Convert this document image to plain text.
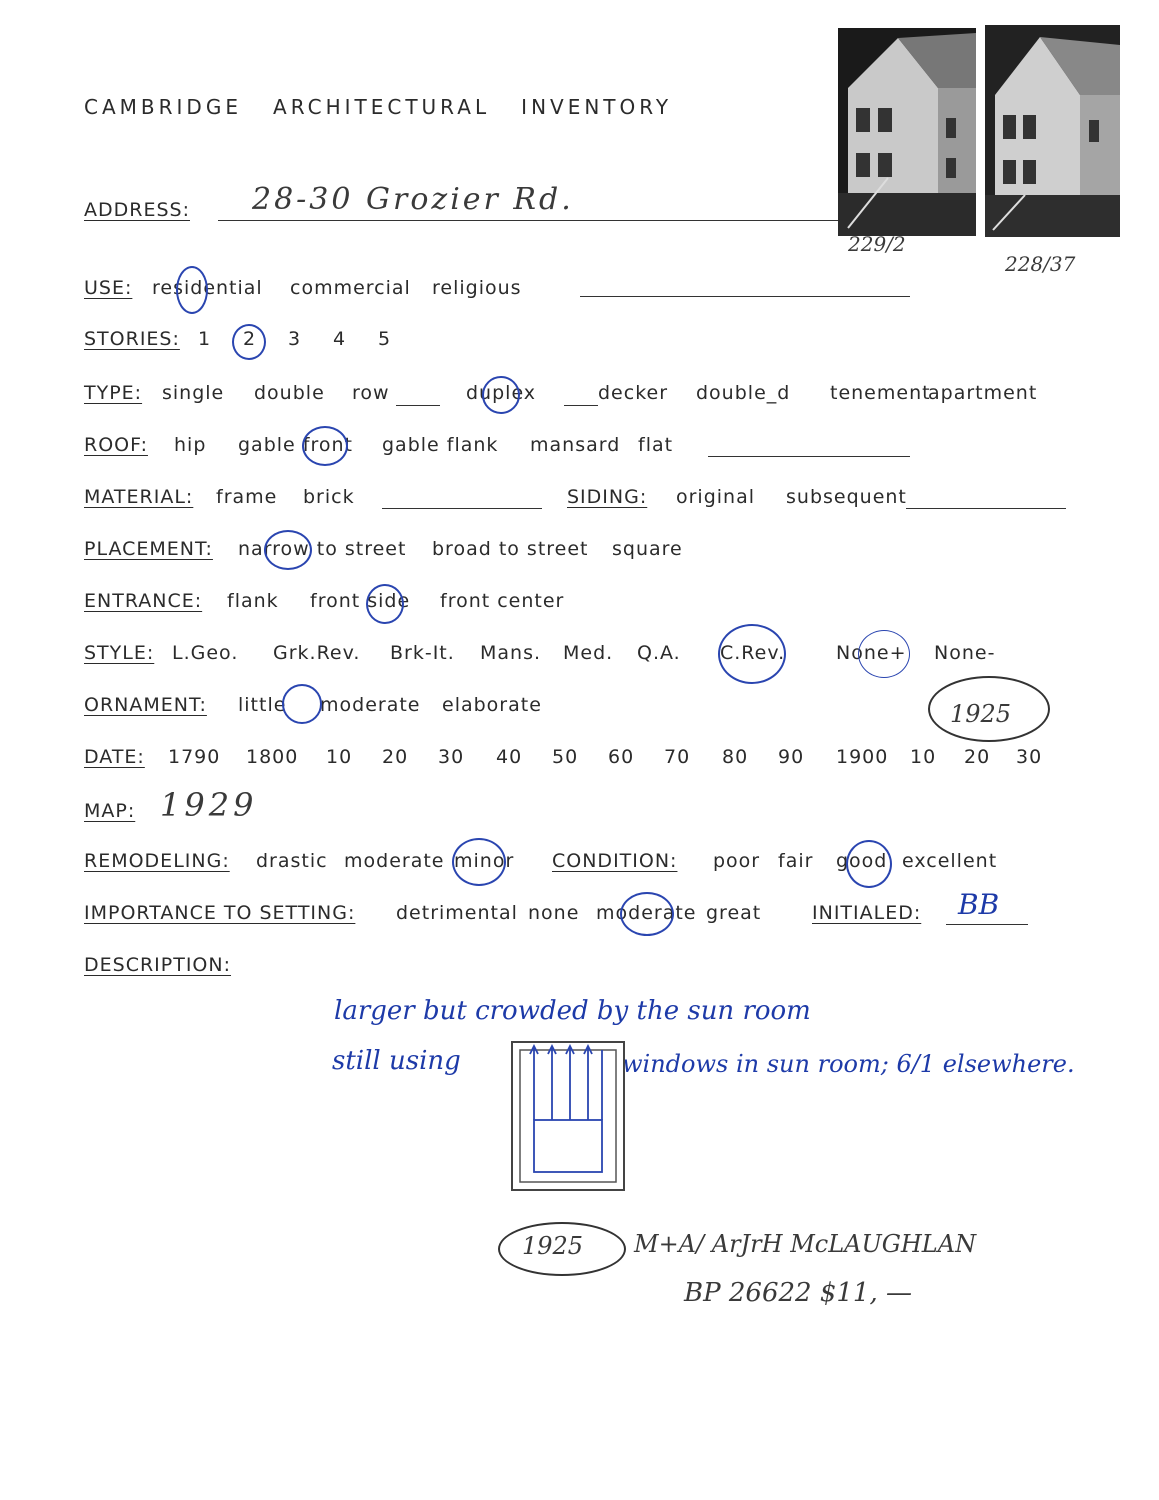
CAMBRIDGE   ARCHITECTURAL   INVENTORY
229/2
228/37
ADDRESS: 28-30 Grozier Rd.
USE: residential commercial religious
STORIES: 1 2 3 4 5
TYPE: single double row	duplex	decker double_d tenement
apartment
ROOF: hip gable front gable flank mansard flat
MATERIAL: frame brick	SIDING: original subsequent
PLACEMENT: narrow to street broad to street square
ENTRANCE: flank front side front center
STYLE: L.Geo. Grk.Rev. Brk-It. Mans. Med. Q.A. C.Rev.	None+ None-
ORNAMENT: little moderate elaborate
DATE: 1790 1800 10 20 30 40 50 60 70 80 90 1900 10 20 30
1925
MAP: 1929
REMODELING: drastic moderate minor CONDITION: poor fair good excellent
IMPORTANCE TO SETTING: detrimental none moderate great	INITIALED: BB
DESCRIPTION:
larger but crowded by the sun room
still using	windows in sun room; 6/1 elsewhere.
1925 M+A/ ArJrH McLAUGHLAN
BP 26622 $11, —
